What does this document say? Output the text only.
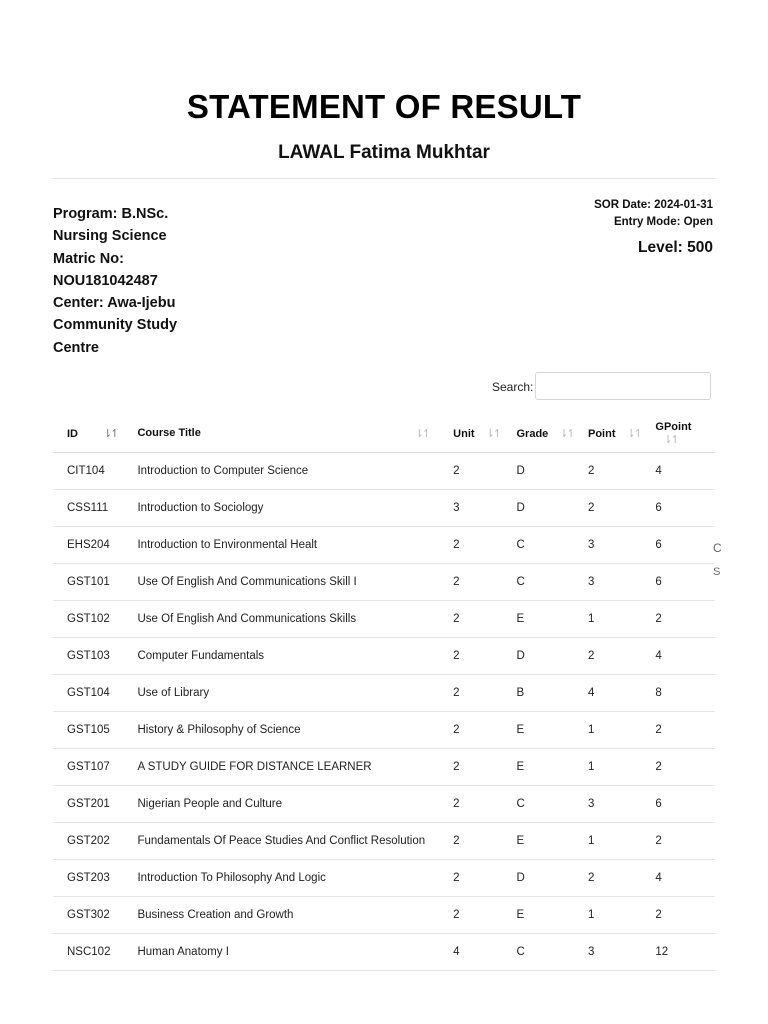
STATEMENT OF RESULT
LAWAL Fatima Mukhtar
Program: B.NSc.
Nursing Science
Matric No:
NOU181042487
Center: Awa-Ijebu
Community Study
Centre
SOR Date: 2024-01-31
Entry Mode: Open
Level: 500
Search:
ID ⇂↿	Course Title ⇂↿	Unit ⇂↿	Grade ⇂↿	Point ⇂↿	GPoint ⇂↿
CIT104	Introduction to Computer Science	2	D	2	4
CSS111	Introduction to Sociology	3	D	2	6
EHS204	Introduction to Environmental Healt	2	C	3	6
GST101	Use Of English And Communications Skill I	2	C	3	6
GST102	Use Of English And Communications Skills	2	E	1	2
GST103	Computer Fundamentals	2	D	2	4
GST104	Use of Library	2	B	4	8
GST105	History & Philosophy of Science	2	E	1	2
GST107	A STUDY GUIDE FOR DISTANCE LEARNER	2	E	1	2
GST201	Nigerian People and Culture	2	C	3	6
GST202	Fundamentals Of Peace Studies And Conflict Resolution	2	E	1	2
GST203	Introduction To Philosophy And Logic	2	D	2	4
GST302	Business Creation and Growth	2	E	1	2
NSC102	Human Anatomy I	4	C	3	12
C
S
